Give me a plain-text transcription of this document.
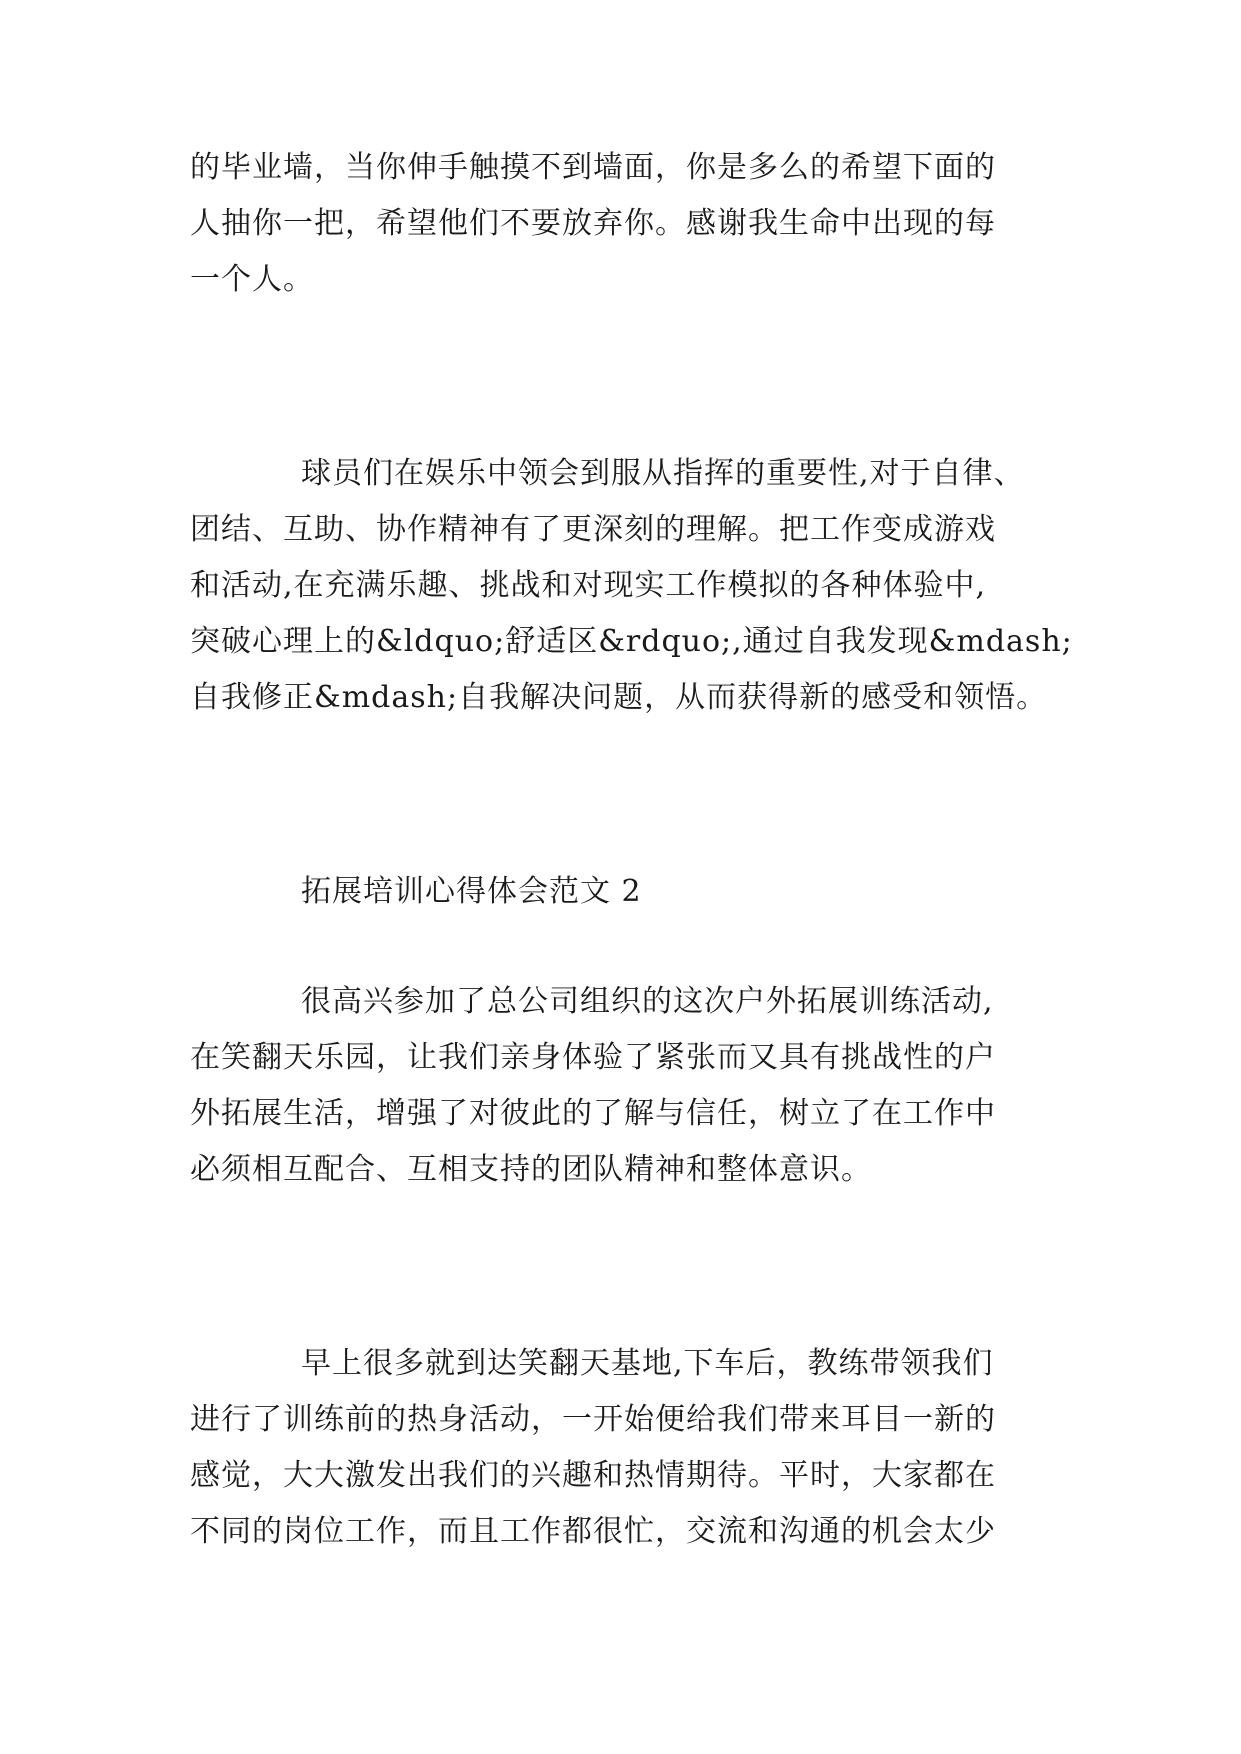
的毕业墙，当你伸手触摸不到墙面，你是多么的希望下面的
人抽你一把，希望他们不要放弃你。感谢我生命中出现的每
一个人。
球员们在娱乐中领会到服从指挥的重要性,对于自律、
团结、互助、协作精神有了更深刻的理解。把工作变成游戏
和活动,在充满乐趣、挑战和对现实工作模拟的各种体验中,
突破心理上的&ldquo;舒适区&rdquo;,通过自我发现&mdash;
自我修正&mdash;自我解决问题，从而获得新的感受和领悟。
拓展培训心得体会范文 2
很高兴参加了总公司组织的这次户外拓展训练活动,
在笑翻天乐园，让我们亲身体验了紧张而又具有挑战性的户
外拓展生活，增强了对彼此的了解与信任，树立了在工作中
必须相互配合、互相支持的团队精神和整体意识。
早上很多就到达笑翻天基地,下车后，教练带领我们
进行了训练前的热身活动，一开始便给我们带来耳目一新的
感觉，大大激发出我们的兴趣和热情期待。平时，大家都在
不同的岗位工作，而且工作都很忙，交流和沟通的机会太少
